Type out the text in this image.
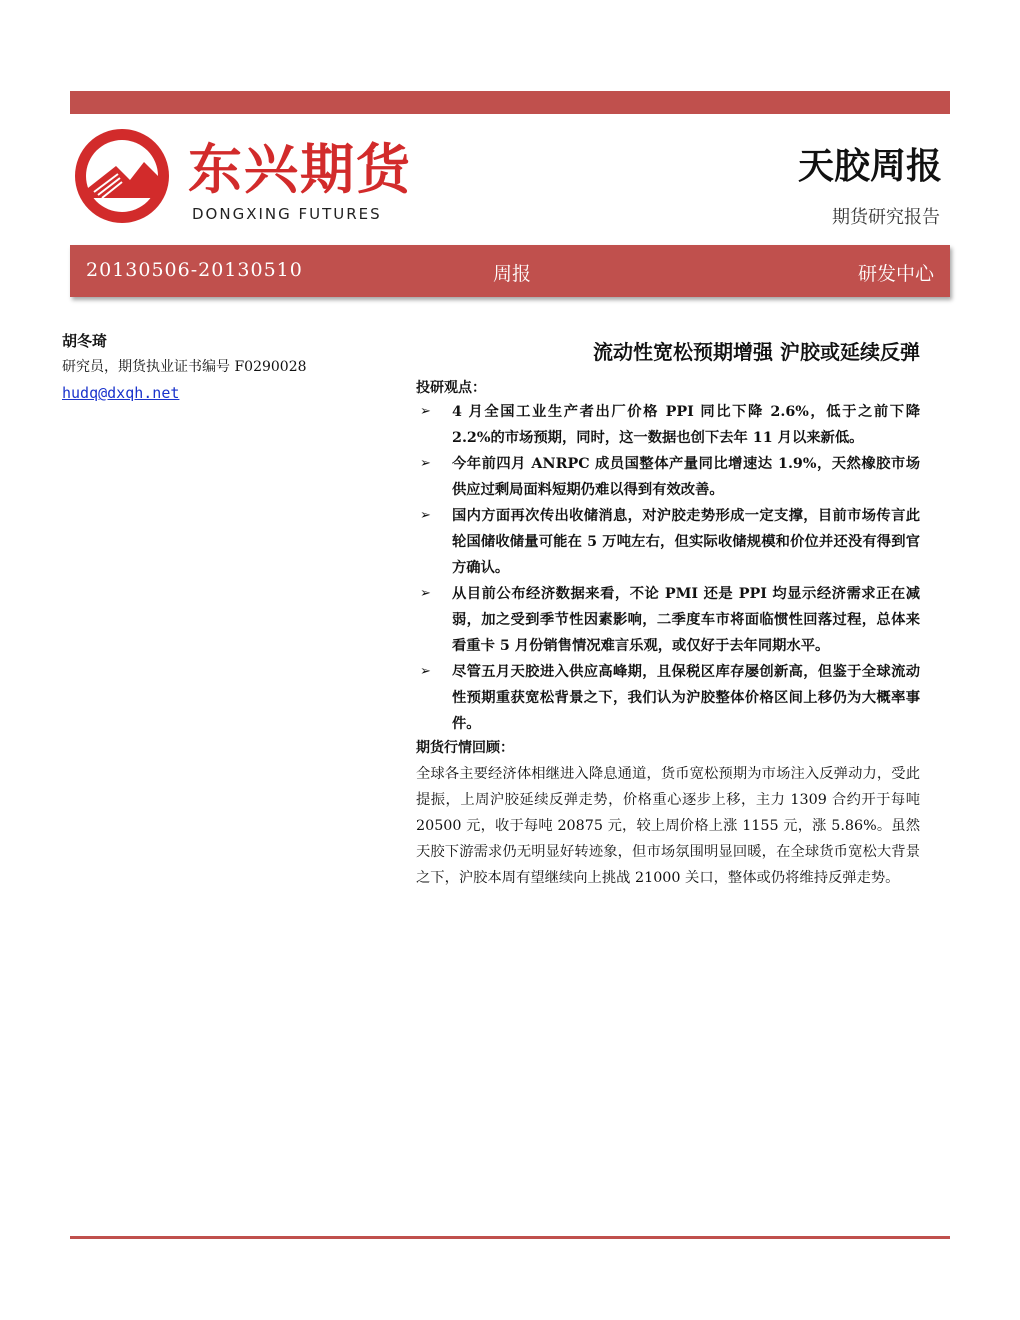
东兴期货
DONGXING FUTURES
天胶周报
期货研究报告
20130506-20130510	周报	研发中心
胡冬琦
研究员，期货执业证书编号 F0290028
hudq@dxqh.net
流动性宽松预期增强 沪胶或延续反弹
投研观点：
➢ 4 月全国工业生产者出厂价格 PPI 同比下降 2.6%，低于之前下降 2.2%的市场预期，同时，这一数据也创下去年 11 月以来新低。
➢ 今年前四月 ANRPC 成员国整体产量同比增速达 1.9%，天然橡胶市场供应过剩局面料短期仍难以得到有效改善。
➢ 国内方面再次传出收储消息，对沪胶走势形成一定支撑，目前市场传言此轮国储收储量可能在 5 万吨左右，但实际收储规模和价位并还没有得到官方确认。
➢ 从目前公布经济数据来看，不论 PMI 还是 PPI 均显示经济需求正在减弱，加之受到季节性因素影响，二季度车市将面临惯性回落过程，总体来看重卡 5 月份销售情况难言乐观，或仅好于去年同期水平。
➢ 尽管五月天胶进入供应高峰期，且保税区库存屡创新高，但鉴于全球流动性预期重获宽松背景之下，我们认为沪胶整体价格区间上移仍为大概率事件。
期货行情回顾：
全球各主要经济体相继进入降息通道，货币宽松预期为市场注入反弹动力，受此提振，上周沪胶延续反弹走势，价格重心逐步上移，主力 1309 合约开于每吨 20500 元，收于每吨 20875 元，较上周价格上涨 1155 元，涨 5.86%。虽然天胶下游需求仍无明显好转迹象，但市场氛围明显回暖，在全球货币宽松大背景之下，沪胶本周有望继续向上挑战 21000 关口，整体或仍将维持反弹走势。
